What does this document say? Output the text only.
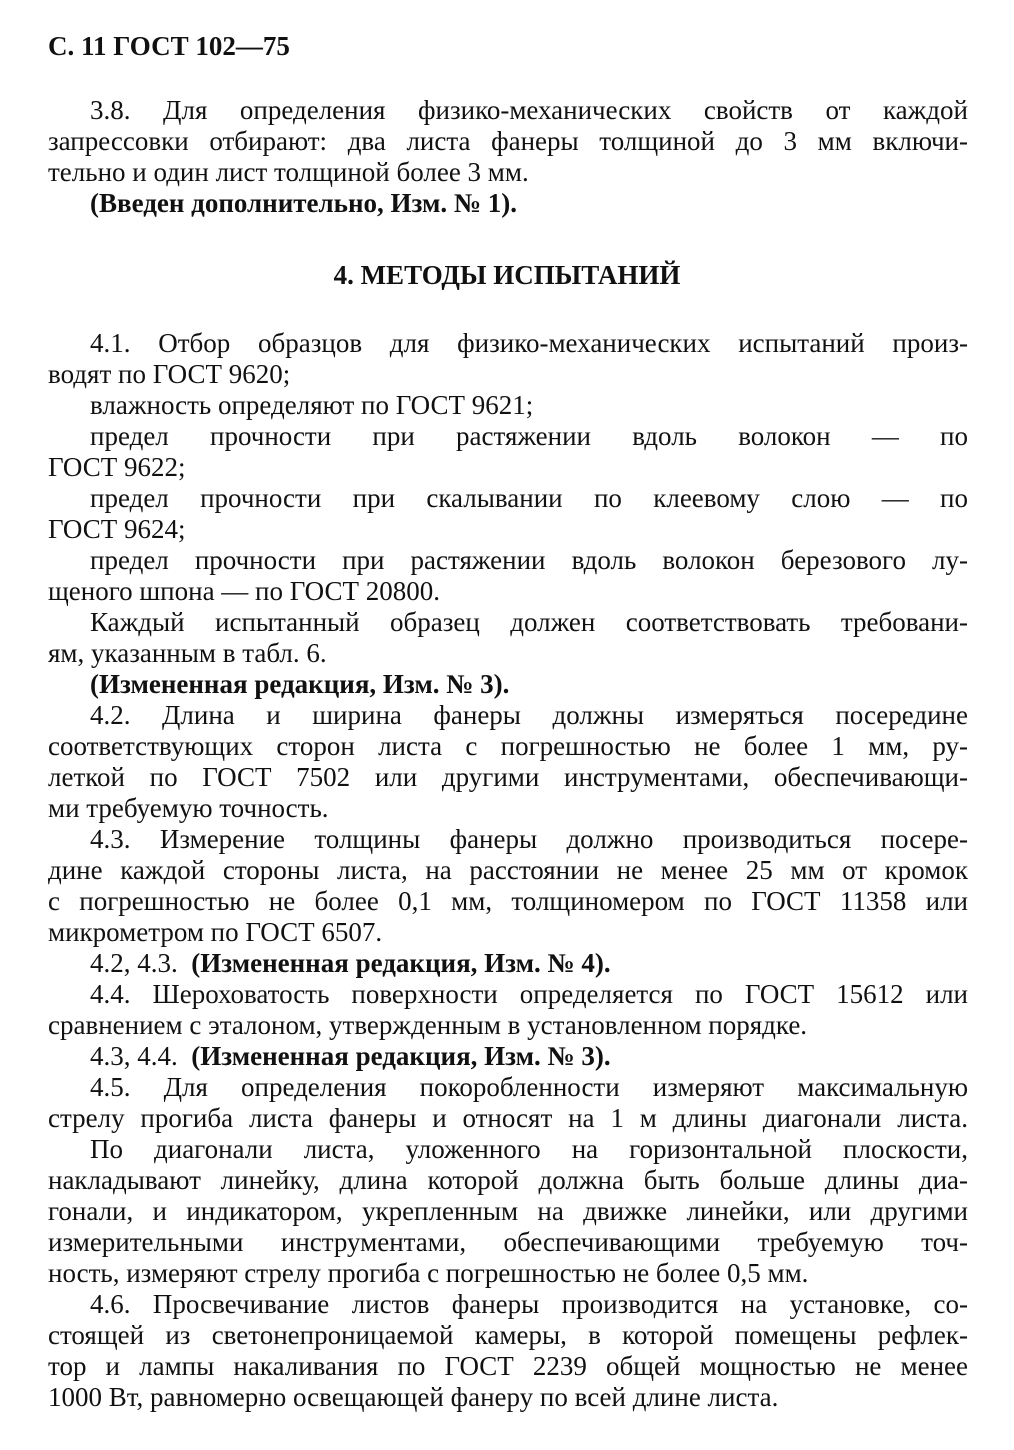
С. 11 ГОСТ 102—75
3.8. Для определения физико-механических свойств от каждой
запрессовки отбирают: два листа фанеры толщиной до 3 мм включи-
тельно и один лист толщиной более 3 мм.
(Введен дополнительно, Изм. № 1).
4. МЕТОДЫ ИСПЫТАНИЙ
4.1. Отбор образцов для физико-механических испытаний произ-
водят по ГОСТ 9620;
влажность определяют по ГОСТ 9621;
предел прочности при растяжении вдоль волокон — по
ГОСТ 9622;
предел прочности при скалывании по клеевому слою — по
ГОСТ 9624;
предел прочности при растяжении вдоль волокон березового лу-
щеного шпона — по ГОСТ 20800.
Каждый испытанный образец должен соответствовать требовани-
ям, указанным в табл. 6.
(Измененная редакция, Изм. № 3).
4.2. Длина и ширина фанеры должны измеряться посередине
соответствующих сторон листа с погрешностью не более 1 мм, ру-
леткой по ГОСТ 7502 или другими инструментами, обеспечивающи-
ми требуемую точность.
4.3. Измерение толщины фанеры должно производиться посере-
дине каждой стороны листа, на расстоянии не менее 25 мм от кромок
с погрешностью не более 0,1 мм, толщиномером по ГОСТ 11358 или
микрометром по ГОСТ 6507.
4.2, 4.3. (Измененная редакция, Изм. № 4).
4.4. Шероховатость поверхности определяется по ГОСТ 15612 или
сравнением с эталоном, утвержденным в установленном порядке.
4.3, 4.4. (Измененная редакция, Изм. № 3).
4.5. Для определения покоробленности измеряют максимальную
стрелу прогиба листа фанеры и относят на 1 м длины диагонали листа.
По диагонали листа, уложенного на горизонтальной плоскости,
накладывают линейку, длина которой должна быть больше длины диа-
гонали, и индикатором, укрепленным на движке линейки, или другими
измерительными инструментами, обеспечивающими требуемую точ-
ность, измеряют стрелу прогиба с погрешностью не более 0,5 мм.
4.6. Просвечивание листов фанеры производится на установке, со-
стоящей из светонепроницаемой камеры, в которой помещены рефлек-
тор и лампы накаливания по ГОСТ 2239 общей мощностью не менее
1000 Вт, равномерно освещающей фанеру по всей длине листа.
